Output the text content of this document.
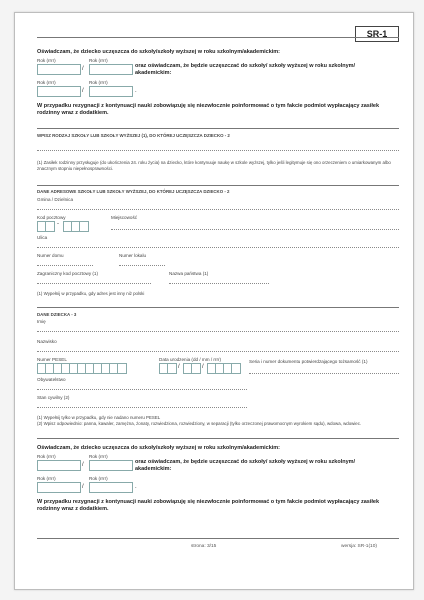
SR-1
Oświadczam, że dziecko uczęszcza do szkoły/szkoły wyższej w roku szkolnym/akademickim:
Rok (rrrr)	Rok (rrrr)
/	oraz oświadczam, że będzie uczęszczać do szkoły/ szkoły wyższej w roku szkolnym/ akademickim:
Rok (rrrr)	Rok (rrrr)
/	.
W przypadku rezygnacji z kontynuacji nauki zobowiązuję się niezwłocznie poinformować o tym fakcie podmiot wypłacający zasiłek rodzinny wraz z dodatkiem.
WPISZ RODZAJ SZKOŁY LUB SZKOŁY WYŻSZEJ (1), DO KTÓREJ UCZĘSZCZA DZIECKO - 2
(1) Zasiłek rodzinny przysługuje (do ukończenia 24. roku życia) na dziecko, które kontynuuje naukę w szkole wyższej, tylko jeśli legitymuje się ono orzeczeniem o umiarkowanym albo znacznym stopniu niepełnosprawności.
DANE ADRESOWE SZKOŁY LUB SZKOŁY WYŻSZEJ, DO KTÓREJ UCZĘSZCZA DZIECKO - 2
Gmina / Dzielnica
Kod pocztowy
-
Miejscowość
Ulica
Numer domu	Numer lokalu
Zagraniczny kod pocztowy (1)	Nazwa państwa (1)
(1) Wypełnij w przypadku, gdy adres jest inny niż polski
DANE DZIECKA - 3
Imię
Nazwisko
Numer PESEL	Data urodzenia (dd / mm / rrrr)
/	/
Seria i numer dokumentu potwierdzającego tożsamość (1)
Obywatelstwo
Stan cywilny (2)
(1) Wypełnij tylko w przypadku, gdy nie nadano numeru PESEL
(2) Wpisz odpowiednio: panna, kawaler, zamężna, żonaty, rozwiedziona, rozwiedziony, w separacji (tylko orzeczonej prawomocnym wyrokiem sądu), wdowa, wdowiec.
Oświadczam, że dziecko uczęszcza do szkoły/szkoły wyższej w roku szkolnym/akademickim:
Rok (rrrr)	Rok (rrrr)
/	oraz oświadczam, że będzie uczęszczać do szkoły/ szkoły wyższej w roku szkolnym/ akademickim:
Rok (rrrr)	Rok (rrrr)
/	.
W przypadku rezygnacji z kontynuacji nauki zobowiązuję się niezwłocznie poinformować o tym fakcie podmiot wypłacający zasiłek rodzinny wraz z dodatkiem.
strona: 3/15	wersja: SR-1(10)
